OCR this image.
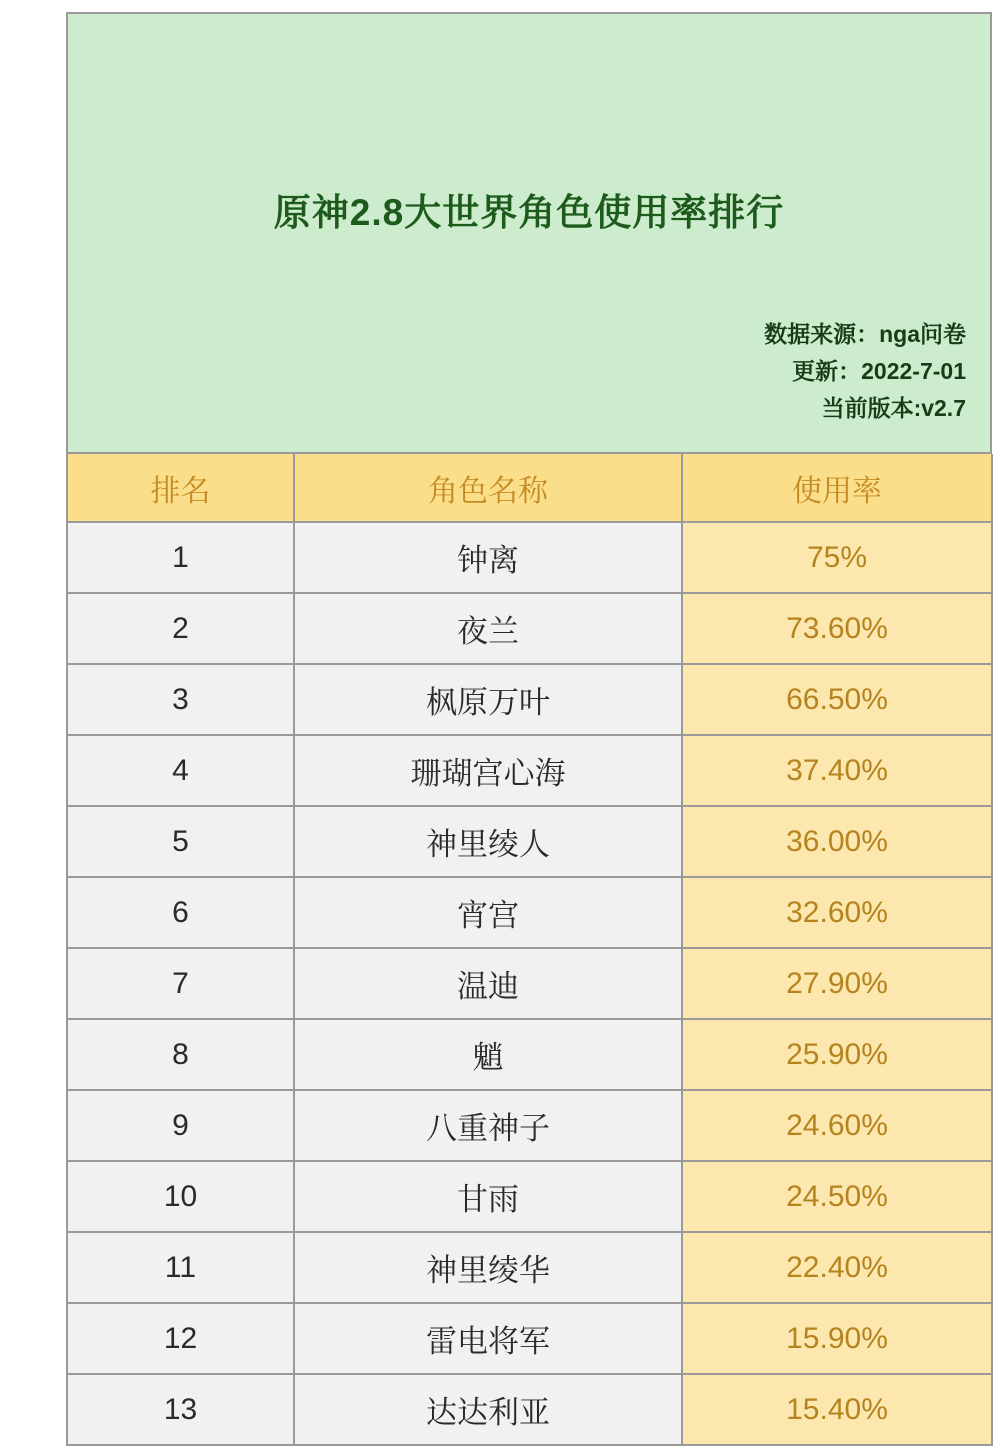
原神2.8大世界角色使用率排行
数据来源：nga问卷
更新：2022-7-01
当前版本:v2.7
排名	角色名称	使用率
1	钟离	75%
2	夜兰	73.60%
3	枫原万叶	66.50%
4	珊瑚宫心海	37.40%
5	神里绫人	36.00%
6	宵宫	32.60%
7	温迪	27.90%
8	魈	25.90%
9	八重神子	24.60%
10	甘雨	24.50%
11	神里绫华	22.40%
12	雷电将军	15.90%
13	达达利亚	15.40%
